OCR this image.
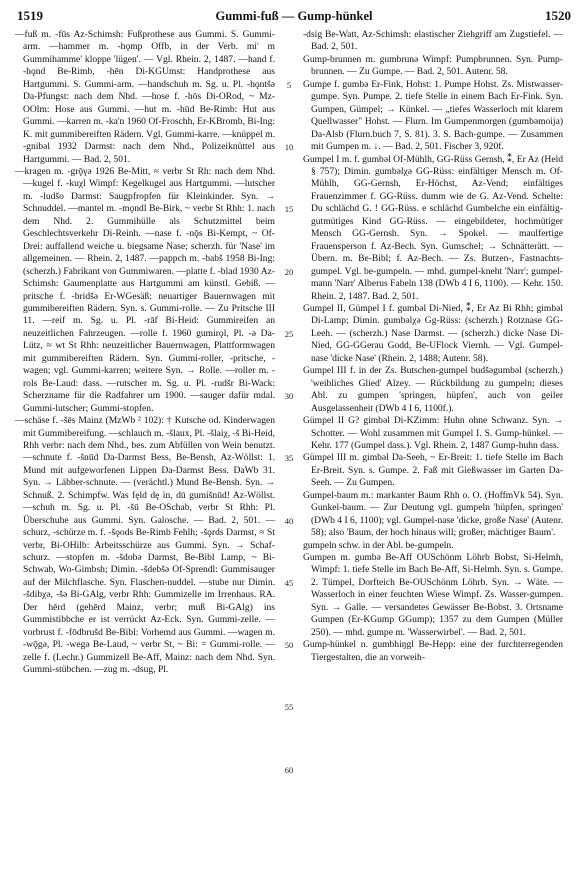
1519	Gummi-fuß — Gump-hünkel	1520

—fuß m. -fūs Az-Schimsh: Fußprothese aus Gummi. S. Gummi-arm. —hammer m. -hǫmp Offb, in der Verb. mi' m Gummihamme' kloppe 'lügen'. — Vgl. Rhein. 2, 1487. —hand f. -hǫnd Be-Rimb, -hēn Di-KGUmst: Handprothese aus Hartgummi. S. Gummi-arm. —handschuh m. Sg. u. Pl. -hǫntšə Da-Pfungst: nach dem Nhd. —hose f. -hōs Di-ORod, ~ Mz-OOlm: Hose aus Gummi. —hut m. -hūd Be-Rimb: Hut aus Gummi. —karren m. -ka'n 1960 Of-Froschh, Er-KBromb, Bi-Ing: K. mit gummibereiften Rädern. Vgl. Gummi-karre. —knüppel m. -gnibəl 1932 Darmst: nach dem Nhd., Polizeiknüttel aus Hartgummi. — Bad. 2, 501.

—kragen m. -grǭγə 1926 Be-Mitt, ≈ verbr St Rh: nach dem Nhd. —kugel f. -kuχl Wimpf: Kegelkugel aus Hartgummi. —lutscher m. -ludšo Darmst: Saugpfropfen für Kleinkinder. Syn. → Schnuddel. —mantel m. -mǫndl Be-Birk, ~ verbr St Rhh: 1. nach dem Nhd. 2. Gummihülle als Schutzmittel beim Geschlechtsverkehr Di-Reinh. —nase f. -nǭs Bi-Kempt, ~ Of-Drei: auffallend weiche u. biegsame Nase; scherzh. für 'Nase' im allgemeinen. — Rhein. 2, 1487. —pappch m. -babš 1958 Bi-Ing: (scherzh.) Fabrikant von Gummiwaren. —platte f. -blad 1930 Az-Schimsh: Gaumenplatte aus Hartgummi am künstl. Gebiß. —pritsche f. -bridšə Er-WGesäß: neuartiger Bauernwagen mit gummibereiften Rädern. Syn. s. Gummi-rolle. — Zu Pritsche III 11. —reif m. Sg. u. Pl. -rāf Bi-Heid: Gummireifen an neuzeitlichen Fahrzeugen. —rolle f. 1960 gumirǫl, Pl. -ə Da-Lütz, ≈ wt St Rhh: neuzeitlicher Bauernwagen, Plattformwagen mit gummibereiften Rädern. Syn. Gummi-roller, -pritsche, -wagen; vgl. Gummi-karren; weitere Syn. → Rolle. —roller m. -rols Be-Laud: dass. —rutscher m. Sg. u. Pl. -rudšr Bi-Wack: Scherzname für die Radfahrer um 1900. —sauger dafür mdal. Gummi-lutscher; Gummi-stopfen.

—schäse f. -šēs Mainz (MzWb ² 102): † Kutsche od. Kinderwagen mit Gummibereifung. —schlauch m. -šlaux, Pl. -šlaiχ, -š Bi-Heid, Rhh verbr: nach dem Nhd., bes. zum Abfüllen von Wein benutzt. —schnute f. -šnūd Da-Darmst Bess, Be-Bensh, Az-Wöllst: 1. Mund mit aufgeworfenen Lippen Da-Darmst Bess. DaWb 31. Syn. → Läbber-schnute. — (verächtl.) Mund Be-Bensh. Syn. → Schnuß. 2. Schimpfw. Was fęld dę in, dū gumišnūd! Az-Wöllst. —schuh m. Sg. u. Pl. -šū Be-OSchab, verbr St Rhh: Pl. Überschuhe aus Gummi. Syn. Galosche. — Bad. 2, 501. —schurz, -schürze m. f. -šǫods Be-Rimb Fehlh; -šǫrds Darmst, ≈ St verbr, Bi-OHilb: Arbeitsschürze aus Gummi. Syn. → Schaf-schurz. —stopfen m. -šdobə Darmst, Be-Bibl Lamp, ~ Bi-Schwab, Wo-Gimbsh; Dimin. -šdebšə Of-Sprendl: Gummisauger auf der Milchflasche. Syn. Flaschen-nuddel. —stube nur Dimin. -šdibχə, -šə Bi-GAlg, verbr Rhh: Gummizelle im Irrenhaus. RA. Der hērd (gehērd Mainz, verbr; muß Bi-GAlg) ins Gummistibbche er ist verrückt Az-Eck. Syn. Gummi-zelle. —vorbrust f. -fōdbrušd Be-Bibl: Vorhemd aus Gummi. —wagen m. -wǭgə, Pl. -wegə Be-Laud, ~ verbr St, ~ Bi: = Gummi-rolle. —zelle f. (Lechr.) Gummizell Be-Aff, Mainz: nach dem Nhd. Syn. Gummi-stübchen. —zug m. -dsug, Pl.

5
10
15
20
25
30
35
40
45
50
55
60

-dsig Be-Watt, Az-Schimsh: elastischer Ziehgriff am Zugstiefel. — Bad. 2, 501.

Gump-brunnen m. gumbrunə Wimpf: Pumpbrunnen. Syn. Pump-brunnen. — Zu Gumpe. — Bad. 2, 501. Autenr. 58.

Gumpe f. gumbə Er-Fink, Hohst: 1. Pumpe Hohst. Zs. Mistwasser-gumpe. Syn. Pumpe. 2. tiefe Stelle in einem Bach Er-Fink. Syn. Gumpen, Gümpel; → Künkel. — „tiefes Wasserloch mit klarem Quellwasser" Hohst. — Flurn. Im Gumpenmorgen (gumbəmoija) Da-Alsb (Flurn.buch 7, S. 81). 3. S. Bach-gumpe. — Zusammen mit Gumpen m. ↓. — Bad. 2, 501. Fischer 3, 920f.

Gumpel I m. f. gumbəl Of-Mühlh, GG-Rüss Gernsh, ⁑, Er Az (Held § 757); Dimin. gumbəlχə GG-Rüss: einfältiger Mensch m. Of-Mühlh, GG-Gernsh, Er-Höchst, Az-Vend; einfältiges Frauenzimmer f. GG-Rüss. dumm wie de G. Az-Vend. Schelte: Du schlächd G. ! GG-Rüss. e schlächd Gumbelche ein einfältig-gutmütiges Kind GG-Rüss. — eingebildeter, hochmütiger Mensch GG-Gernsh. Syn. → Spokel. — maulfertige Frauensperson f. Az-Bech. Syn. Gumschel; → Schnätterätt. — Übern. m. Be-Bibl; f. Az-Bech. — Zs. Butzen-, Fastnachts-gumpel. Vgl. be-gumpeln. — mhd. gumpel-kneht 'Narr'; gumpel-mann 'Narr' Alberus Fabeln 138 (DWb 4 I 6, 1100). — Kehr. 150. Rhein. 2, 1487. Bad. 2, 501.

Gumpel II, Gümpel I f. gumbəl Di-Nied, ⁑, Er Az Bi Rhh; gimbəl Di-Lamp; Dimin. gumbəlχə Gg-Rüss: (scherzh.) Rotznase GG-Leeh. — (scherzh.) Nase Darmst. — (scherzh.) dicke Nase Di-Nied, GG-GGerau Godd, Be-UFlock Viernh. — Vgl. Gumpel-nase 'dicke Nase' (Rhein. 2, 1488; Autenr. 58).

Gumpel III f. in der Zs. Butschen-gumpel budšəgumbəl (scherzh.) 'weibliches Glied' Alzey. — Rückbildung zu gumpeln; dieses Abl. zu gumpen 'springen, hüpfen', auch von geiler Ausgelassenheit (DWb 4 I 6, 1100f.).

Gümpel II G? gimbəl Di-KZimm: Huhn ohne Schwanz. Syn. → Schotter. — Wohl zusammen mit Gumpel I. S. Gump-hünkel. — Kehr. 177 (Gumpel dass.). Vgl. Rhein. 2, 1487 Gump-huhn dass.

Gümpel III m. gimbəl Da-Seeh, ~ Er-Breit: 1. tiefe Stelle im Bach Er-Breit. Syn. s. Gumpe. 2. Faß mit Gießwasser im Garten Da-Seeh. — Zu Gumpen.

Gumpel-baum m.: markanter Baum Rhh o. O. (HoffmVk 54). Syn. Gunkel-baum. — Zur Deutung vgl. gumpeln 'hüpfen, springen' (DWb 4 I 6, 1100); vgl. Gumpel-nase 'dicke, große Nase' (Autenr. 58); also 'Baum, der hoch hinaus will; großer, mächtiger Baum'.

gumpeln schw. in der Abl. be-gumpeln.

Gumpen m. gumbə Be-Aff OUSchönm Löhrb Bobst, Si-Helmh, Wimpf: 1. tiefe Stelle im Bach Be-Aff, Si-Helmh. Syn. s. Gumpe. 2. Tümpel, Dorfteich Be-OUSchönm Löhrb. Syn. → Wäte. — Wasserloch in einer feuchten Wiese Wimpf. Zs. Wasser-gumpen. Syn. → Galle. — versandetes Gewässer Be-Bobst. 3. Ortsname Gumpen (Er-KGump GGump); 1357 zu dem Gumpen (Müller 250). — mhd. gumpe m. 'Wasserwirbel'. — Bad. 2, 501.

Gump-hünkel n. gumbhiŋgl Be-Hepp: eine der furchterregenden Tiergestalten, die an vorweih-
